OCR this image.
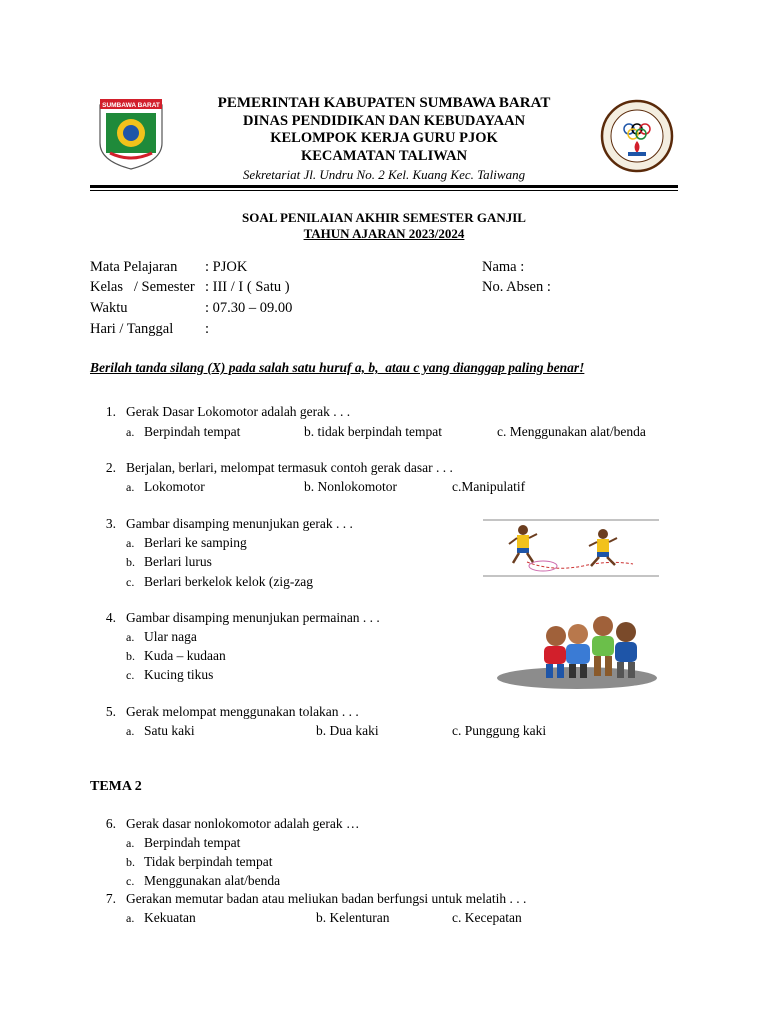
SUMBAWA BARAT	PEMERINTAH KABUPATEN SUMBAWA BARAT
DINAS PENDIDIKAN DAN KEBUDAYAAN
KELOMPOK KERJA GURU PJOK
KECAMATAN TALIWAN
Sekretariat Jl. Undru No. 2 Kel. Kuang Kec. Taliwang
SOAL PENILAIAN AKHIR SEMESTER GANJIL
TAHUN AJARAN 2023/2024
Mata Pelajaran : PJOK
Kelas   / Semester : III / I ( Satu )
Waktu	: 07.30 – 09.00
Hari / Tanggal :
Nama :
No. Absen :
Berilah tanda silang (X) pada salah satu huruf a, b,  atau c yang dianggap paling benar!
1. Gerak Dasar Lokomotor adalah gerak . . .
a. Berpindah tempat	b. tidak berpindah tempat	c. Menggunakan alat/benda
2. Berjalan, berlari, melompat termasuk contoh gerak dasar . . .
a. Lokomotor	b. Nonlokomotor	c.Manipulatif
3. Gambar disamping menunjukan gerak . . .
a. Berlari ke samping
b. Berlari lurus
c. Berlari berkelok kelok (zig-zag
4. Gambar disamping menunjukan permainan . . .
a. Ular naga
b. Kuda – kudaan
c. Kucing tikus
5. Gerak melompat menggunakan tolakan . . .
a. Satu kaki	b. Dua kaki	c. Punggung kaki
TEMA 2
6. Gerak dasar nonlokomotor adalah gerak …
a. Berpindah tempat
b. Tidak berpindah tempat
c. Menggunakan alat/benda
7. Gerakan memutar badan atau meliukan badan berfungsi untuk melatih . . .
a. Kekuatan	b. Kelenturan	c. Kecepatan
